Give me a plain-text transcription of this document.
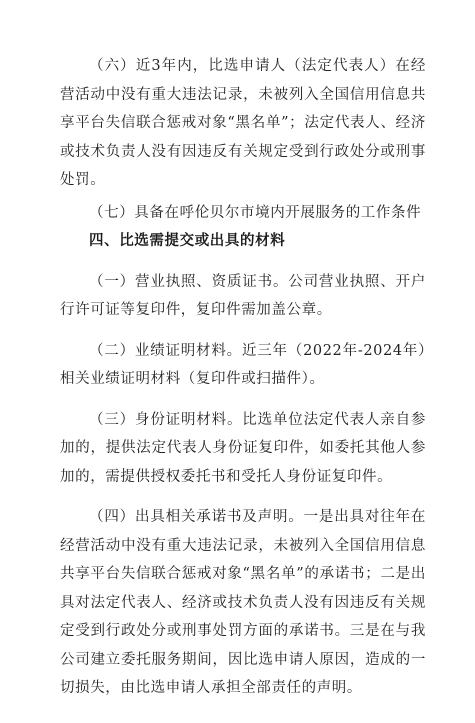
（六）近3年内，比选申请人（法定代表人）在经营活动中没有重大违法记录，未被列入全国信用信息共享平台失信联合惩戒对象“黑名单”；法定代表人、经济或技术负责人没有因违反有关规定受到行政处分或刑事处罚。

（七）具备在呼伦贝尔市境内开展服务的工作条件

四、比选需提交或出具的材料

（一）营业执照、资质证书。公司营业执照、开户行许可证等复印件，复印件需加盖公章。

（二）业绩证明材料。近三年（2022年-2024年）相关业绩证明材料（复印件或扫描件）。

（三）身份证明材料。比选单位法定代表人亲自参加的，提供法定代表人身份证复印件，如委托其他人参加的，需提供授权委托书和受托人身份证复印件。

（四）出具相关承诺书及声明。一是出具对往年在经营活动中没有重大违法记录，未被列入全国信用信息共享平台失信联合惩戒对象“黑名单”的承诺书；二是出具对法定代表人、经济或技术负责人没有因违反有关规定受到行政处分或刑事处罚方面的承诺书。三是在与我公司建立委托服务期间，因比选申请人原因，造成的一切损失，由比选申请人承担全部责任的声明。
